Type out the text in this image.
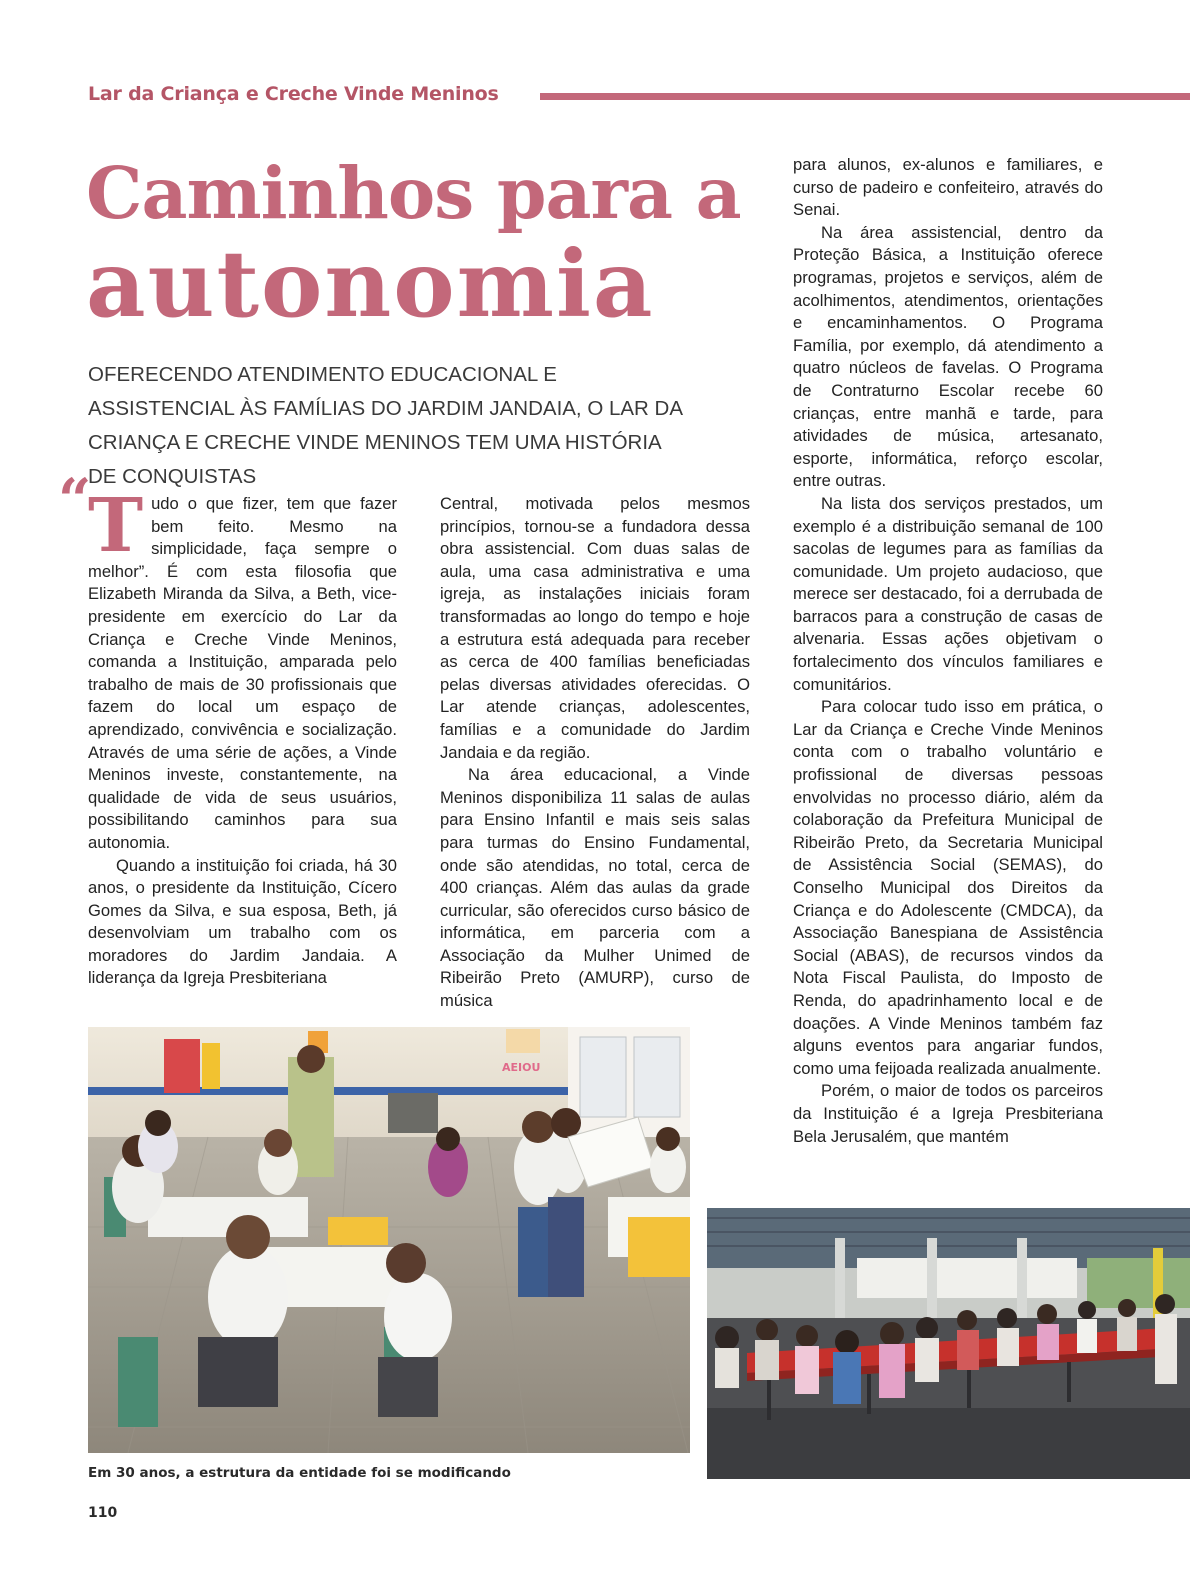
Lar da Criança e Creche Vinde Meninos
Caminhos para a
autonomia
OFERECENDO ATENDIMENTO EDUCACIONAL E ASSISTENCIAL ÀS FAMÍLIAS DO JARDIM JANDAIA, O LAR DA CRIANÇA E CRECHE VINDE MENINOS TEM UMA HISTÓRIA DE CONQUISTAS
“

Tudo o que fizer, tem que fazer bem feito. Mesmo na simplicidade, faça sempre o melhor”. É com esta filosofia que Elizabeth Miranda da Silva, a Beth, vice-presidente em exercício do Lar da Criança e Creche Vinde Meninos, comanda a Instituição, amparada pelo trabalho de mais de 30 profissionais que fazem do local um espaço de aprendizado, convivência e socialização. Através de uma série de ações, a Vinde Meninos investe, constantemente, na qualidade de vida de seus usuários, possibilitando caminhos para sua autonomia.

Quando a instituição foi criada, há 30 anos, o presidente da Instituição, Cícero Gomes da Silva, e sua esposa, Beth, já desenvolviam um trabalho com os moradores do Jardim Jandaia. A liderança da Igreja Presbiteriana

Central, motivada pelos mesmos princípios, tornou-se a fundadora dessa obra assistencial. Com duas salas de aula, uma casa administrativa e uma igreja, as instalações iniciais foram transformadas ao longo do tempo e hoje a estrutura está adequada para receber as cerca de 400 famílias beneficiadas pelas diversas atividades oferecidas. O Lar atende crianças, adolescentes, famílias e a comunidade do Jardim Jandaia e da região.

Na área educacional, a Vinde Meninos disponibiliza 11 salas de aulas para Ensino Infantil e mais seis salas para turmas do Ensino Fundamental, onde são atendidas, no total, cerca de 400 crianças. Além das aulas da grade curricular, são oferecidos curso básico de informática, em parceria com a Associação da Mulher Unimed de Ribeirão Preto (AMURP), curso de música

para alunos, ex-alunos e familiares, e curso de padeiro e confeiteiro, através do Senai.

Na área assistencial, dentro da Proteção Básica, a Instituição oferece programas, projetos e serviços, além de acolhimentos, atendimentos, orientações e encaminhamentos. O Programa Família, por exemplo, dá atendimento a quatro núcleos de favelas. O Programa de Contraturno Escolar recebe 60 crianças, entre manhã e tarde, para atividades de música, artesanato, esporte, informática, reforço escolar, entre outras.

Na lista dos serviços prestados, um exemplo é a distribuição semanal de 100 sacolas de legumes para as famílias da comunidade. Um projeto audacioso, que merece ser destacado, foi a derrubada de barracos para a construção de casas de alvenaria. Essas ações objetivam o fortalecimento dos vínculos familiares e comunitários.

Para colocar tudo isso em prática, o Lar da Criança e Creche Vinde Meninos conta com o trabalho voluntário e profissional de diversas pessoas envolvidas no processo diário, além da colaboração da Prefeitura Municipal de Ribeirão Preto, da Secretaria Municipal de Assistência Social (SEMAS), do Conselho Municipal dos Direitos da Criança e do Adolescente (CMDCA), da Associação Banespiana de Assistência Social (ABAS), de recursos vindos da Nota Fiscal Paulista, do Imposto de Renda, do apadrinhamento local e de doações. A Vinde Meninos também faz alguns eventos para angariar fundos, como uma feijoada realizada anualmente.

Porém, o maior de todos os parceiros da Instituição é a Igreja Presbiteriana Bela Jerusalém, que mantém

AEIOU
Em 30 anos, a estrutura da entidade foi se modificando
110
